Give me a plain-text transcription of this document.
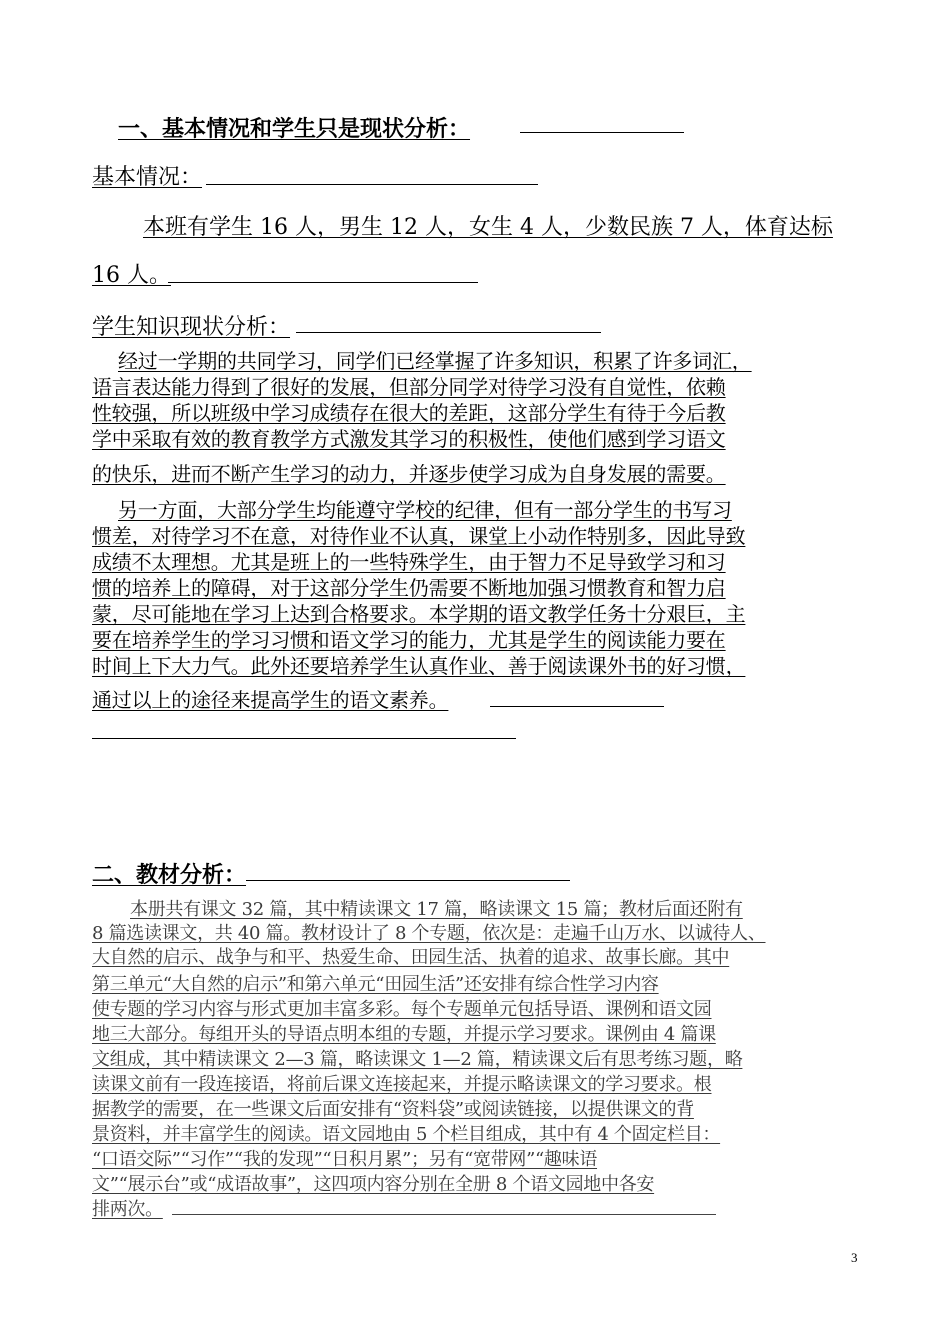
一、基本情况和学生只是现状分析：
基本情况：
本班有学生 16 人，男生 12 人，女生 4 人，少数民族 7 人，体育达标
16 人。
学生知识现状分析：
经过一学期的共同学习，同学们已经掌握了许多知识，积累了许多词汇，
语言表达能力得到了很好的发展，但部分同学对待学习没有自觉性，依赖
性较强，所以班级中学习成绩存在很大的差距，这部分学生有待于今后教
学中采取有效的教育教学方式激发其学习的积极性，使他们感到学习语文
的快乐，进而不断产生学习的动力，并逐步使学习成为自身发展的需要。
另一方面，大部分学生均能遵守学校的纪律，但有一部分学生的书写习
惯差，对待学习不在意，对待作业不认真，课堂上小动作特别多，因此导致
成绩不太理想。尤其是班上的一些特殊学生，由于智力不足导致学习和习
惯的培养上的障碍，对于这部分学生仍需要不断地加强习惯教育和智力启
蒙，尽可能地在学习上达到合格要求。本学期的语文教学任务十分艰巨，主
要在培养学生的学习习惯和语文学习的能力，尤其是学生的阅读能力要在
时间上下大力气。此外还要培养学生认真作业、善于阅读课外书的好习惯，
通过以上的途径来提高学生的语文素养。
二、教材分析：
本册共有课文 32 篇，其中精读课文 17 篇，略读课文 15 篇；教材后面还附有
8 篇选读课文，共 40 篇。教材设计了 8 个专题，依次是：走遍千山万水、以诚待人、
大自然的启示、战争与和平、热爱生命、田园生活、执着的追求、故事长廊。其中
第三单元“大自然的启示”和第六单元“田园生活”还安排有综合性学习内容
使专题的学习内容与形式更加丰富多彩。每个专题单元包括导语、课例和语文园
地三大部分。每组开头的导语点明本组的专题，并提示学习要求。课例由 4 篇课
文组成，其中精读课文 2—3 篇，略读课文 1—2 篇，精读课文后有思考练习题，略
读课文前有一段连接语，将前后课文连接起来，并提示略读课文的学习要求。根
据教学的需要，在一些课文后面安排有“资料袋”或阅读链接，以提供课文的背
景资料，并丰富学生的阅读。语文园地由 5 个栏目组成，其中有 4 个固定栏目：
“口语交际”“习作”“我的发现”“日积月累”；另有“宽带网”“趣味语
文”“展示台”或“成语故事”，这四项内容分别在全册 8 个语文园地中各安
排两次。
3
